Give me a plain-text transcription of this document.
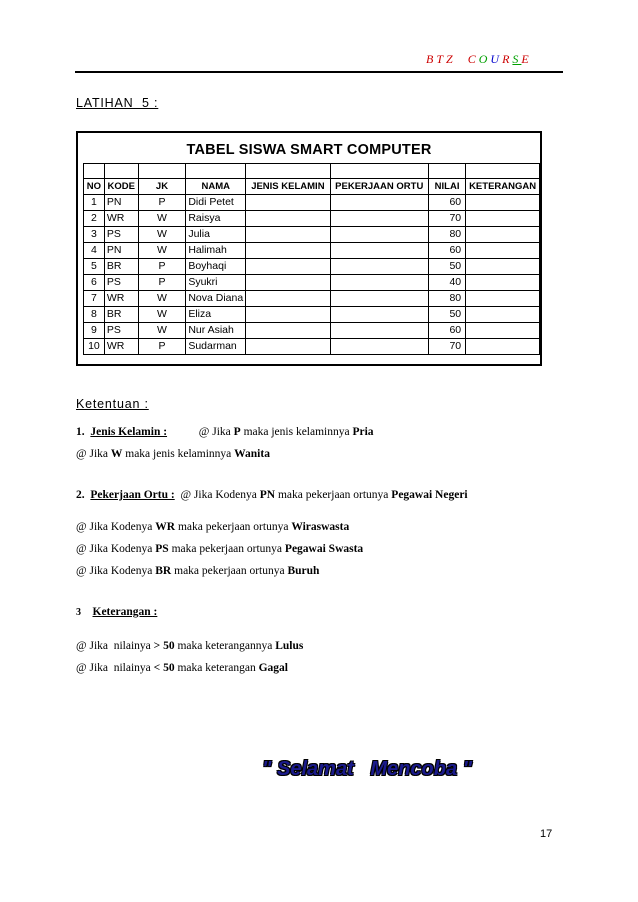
BTZ COURSE
LATIHAN  5 :
TABEL SISWA SMART COMPUTER

NO	KODE	JK	NAMA	JENIS KELAMIN	PEKERJAAN ORTU	NILAI	KETERANGAN
1	PN	P	Didi Petet			60	
2	WR	W	Raisya			70	
3	PS	W	Julia			80	
4	PN	W	Halimah			60	
5	BR	P	Boyhaqi			50	
6	PS	P	Syukri			40	
7	WR	W	Nova Diana			80	
8	BR	W	Eliza			50	
9	PS	W	Nur Asiah			60	
10	WR	P	Sudarman			70	
Ketentuan :
1. Jenis Kelamin :	@ Jika P maka jenis kelaminnya Pria
@ Jika W maka jenis kelaminnya Wanita
2. Pekerjaan Ortu : @ Jika Kodenya PN maka pekerjaan ortunya Pegawai Negeri
@ Jika Kodenya WR maka pekerjaan ortunya Wiraswasta
@ Jika Kodenya PS maka pekerjaan ortunya Pegawai Swasta
@ Jika Kodenya BR maka pekerjaan ortunya Buruh
3 Keterangan :
@ Jika  nilainya > 50 maka keterangannya Lulus
@ Jika  nilainya < 50 maka keterangan Gagal
" Selamat   Mencoba "
17
